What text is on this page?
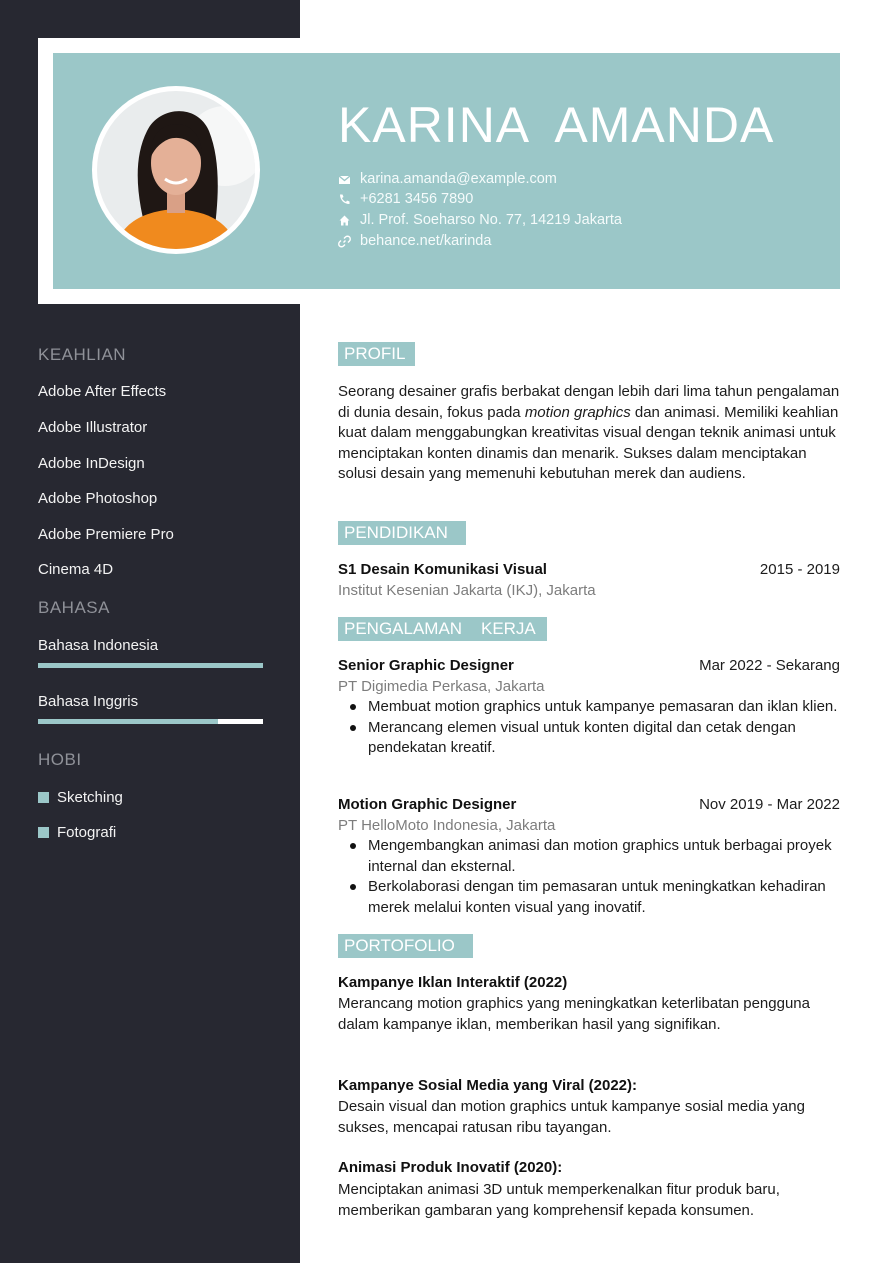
KARINA  AMANDA
karina.amanda@example.com
+6281 3456 7890
Jl. Prof. Soeharso No. 77, 14219 Jakarta
behance.net/karinda
KEAHLIAN
Adobe After Effects
Adobe Illustrator
Adobe InDesign
Adobe Photoshop
Adobe Premiere Pro
Cinema 4D
BAHASA
Bahasa Indonesia
Bahasa Inggris
HOBI
Sketching
Fotografi
PROFIL
Seorang desainer grafis berbakat dengan lebih dari lima tahun pengalaman di dunia desain, fokus pada motion graphics dan animasi. Memiliki keahlian kuat dalam menggabungkan kreativitas visual dengan teknik animasi untuk menciptakan konten dinamis dan menarik. Sukses dalam menciptakan solusi desain yang memenuhi kebutuhan merek dan audiens.
PENDIDIKAN
S1 Desain Komunikasi Visual	2015 - 2019
Institut Kesenian Jakarta (IKJ), Jakarta
PENGALAMAN    KERJA
Senior Graphic Designer	Mar 2022 - Sekarang
PT Digimedia Perkasa, Jakarta
Membuat motion graphics untuk kampanye pemasaran dan iklan klien.
Merancang elemen visual untuk konten digital dan cetak dengan pendekatan kreatif.
Motion Graphic Designer	Nov 2019 - Mar 2022
PT HelloMoto Indonesia, Jakarta
Mengembangkan animasi dan motion graphics untuk berbagai proyek internal dan eksternal.
Berkolaborasi dengan tim pemasaran untuk meningkatkan kehadiran merek melalui konten visual yang inovatif.
PORTOFOLIO
Kampanye Iklan Interaktif (2022)
Merancang motion graphics yang meningkatkan keterlibatan pengguna dalam kampanye iklan, memberikan hasil yang signifikan.
Kampanye Sosial Media yang Viral (2022):
Desain visual dan motion graphics untuk kampanye sosial media yang sukses, mencapai ratusan ribu tayangan.
Animasi Produk Inovatif (2020):
Menciptakan animasi 3D untuk memperkenalkan fitur produk baru, memberikan gambaran yang komprehensif kepada konsumen.
